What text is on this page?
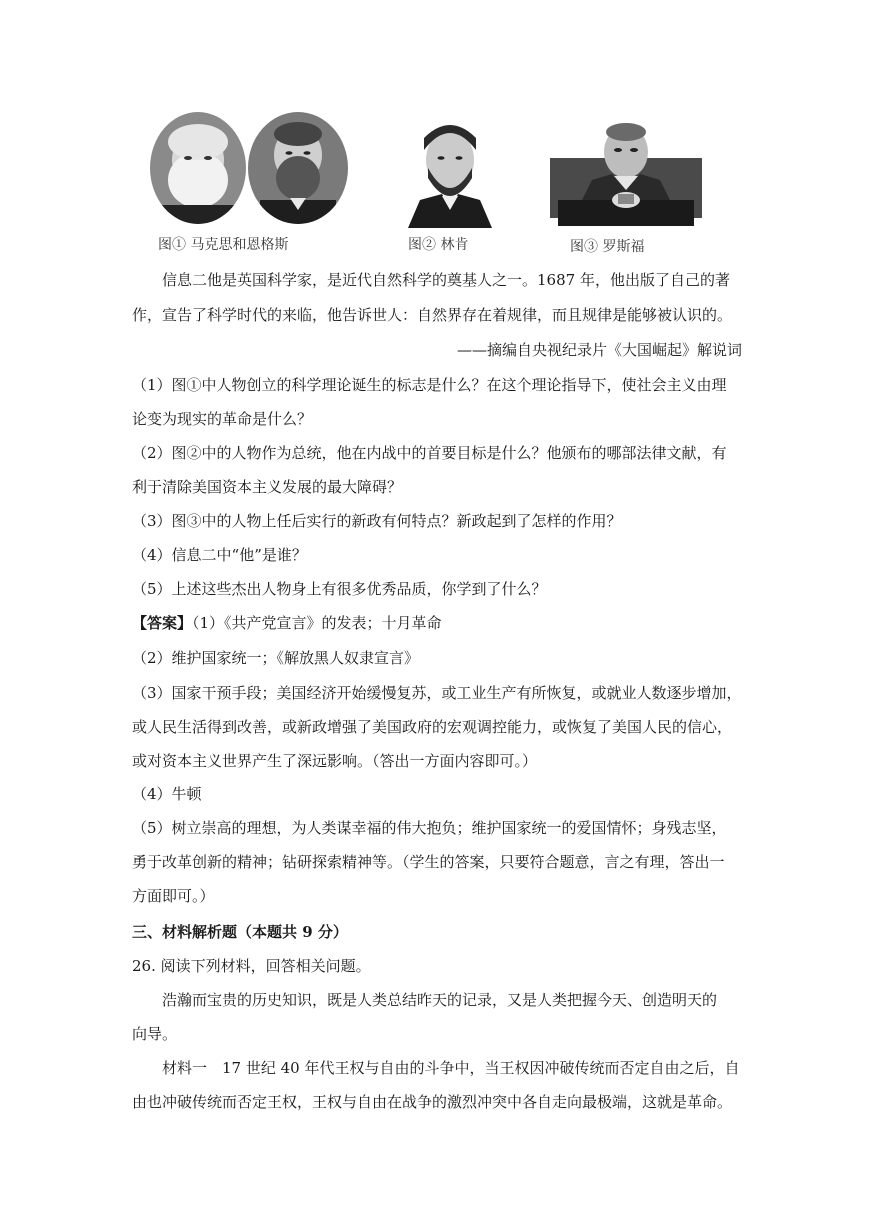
图① 马克思和恩格斯	图② 林肯	图③ 罗斯福
信息二他是英国科学家，是近代自然科学的奠基人之一。1687 年，他出版了自己的著
作，宣告了科学时代的来临，他告诉世人：自然界存在着规律，而且规律是能够被认识的。
——摘编自央视纪录片《大国崛起》解说词
（1）图①中人物创立的科学理论诞生的标志是什么？在这个理论指导下，使社会主义由理
论变为现实的革命是什么？
（2）图②中的人物作为总统，他在内战中的首要目标是什么？他颁布的哪部法律文献，有
利于清除美国资本主义发展的最大障碍？
（3）图③中的人物上任后实行的新政有何特点？新政起到了怎样的作用？
（4）信息二中“他”是谁？
（5）上述这些杰出人物身上有很多优秀品质，你学到了什么？
【答案】（1）《共产党宣言》的发表；十月革命
（2）维护国家统一；《解放黑人奴隶宣言》
（3）国家干预手段；美国经济开始缓慢复苏，或工业生产有所恢复，或就业人数逐步增加，
或人民生活得到改善，或新政增强了美国政府的宏观调控能力，或恢复了美国人民的信心，
或对资本主义世界产生了深远影响。（答出一方面内容即可。）
（4）牛顿
（5）树立崇高的理想，为人类谋幸福的伟大抱负；维护国家统一的爱国情怀；身残志坚，
勇于改革创新的精神；钻研探索精神等。（学生的答案，只要符合题意，言之有理，答出一
方面即可。）
三、材料解析题（本题共 9 分）
26. 阅读下列材料，回答相关问题。
浩瀚而宝贵的历史知识，既是人类总结昨天的记录，又是人类把握今天、创造明天的
向导。
材料一　17 世纪 40 年代王权与自由的斗争中，当王权因冲破传统而否定自由之后，自
由也冲破传统而否定王权，王权与自由在战争的激烈冲突中各自走向最极端，这就是革命。
